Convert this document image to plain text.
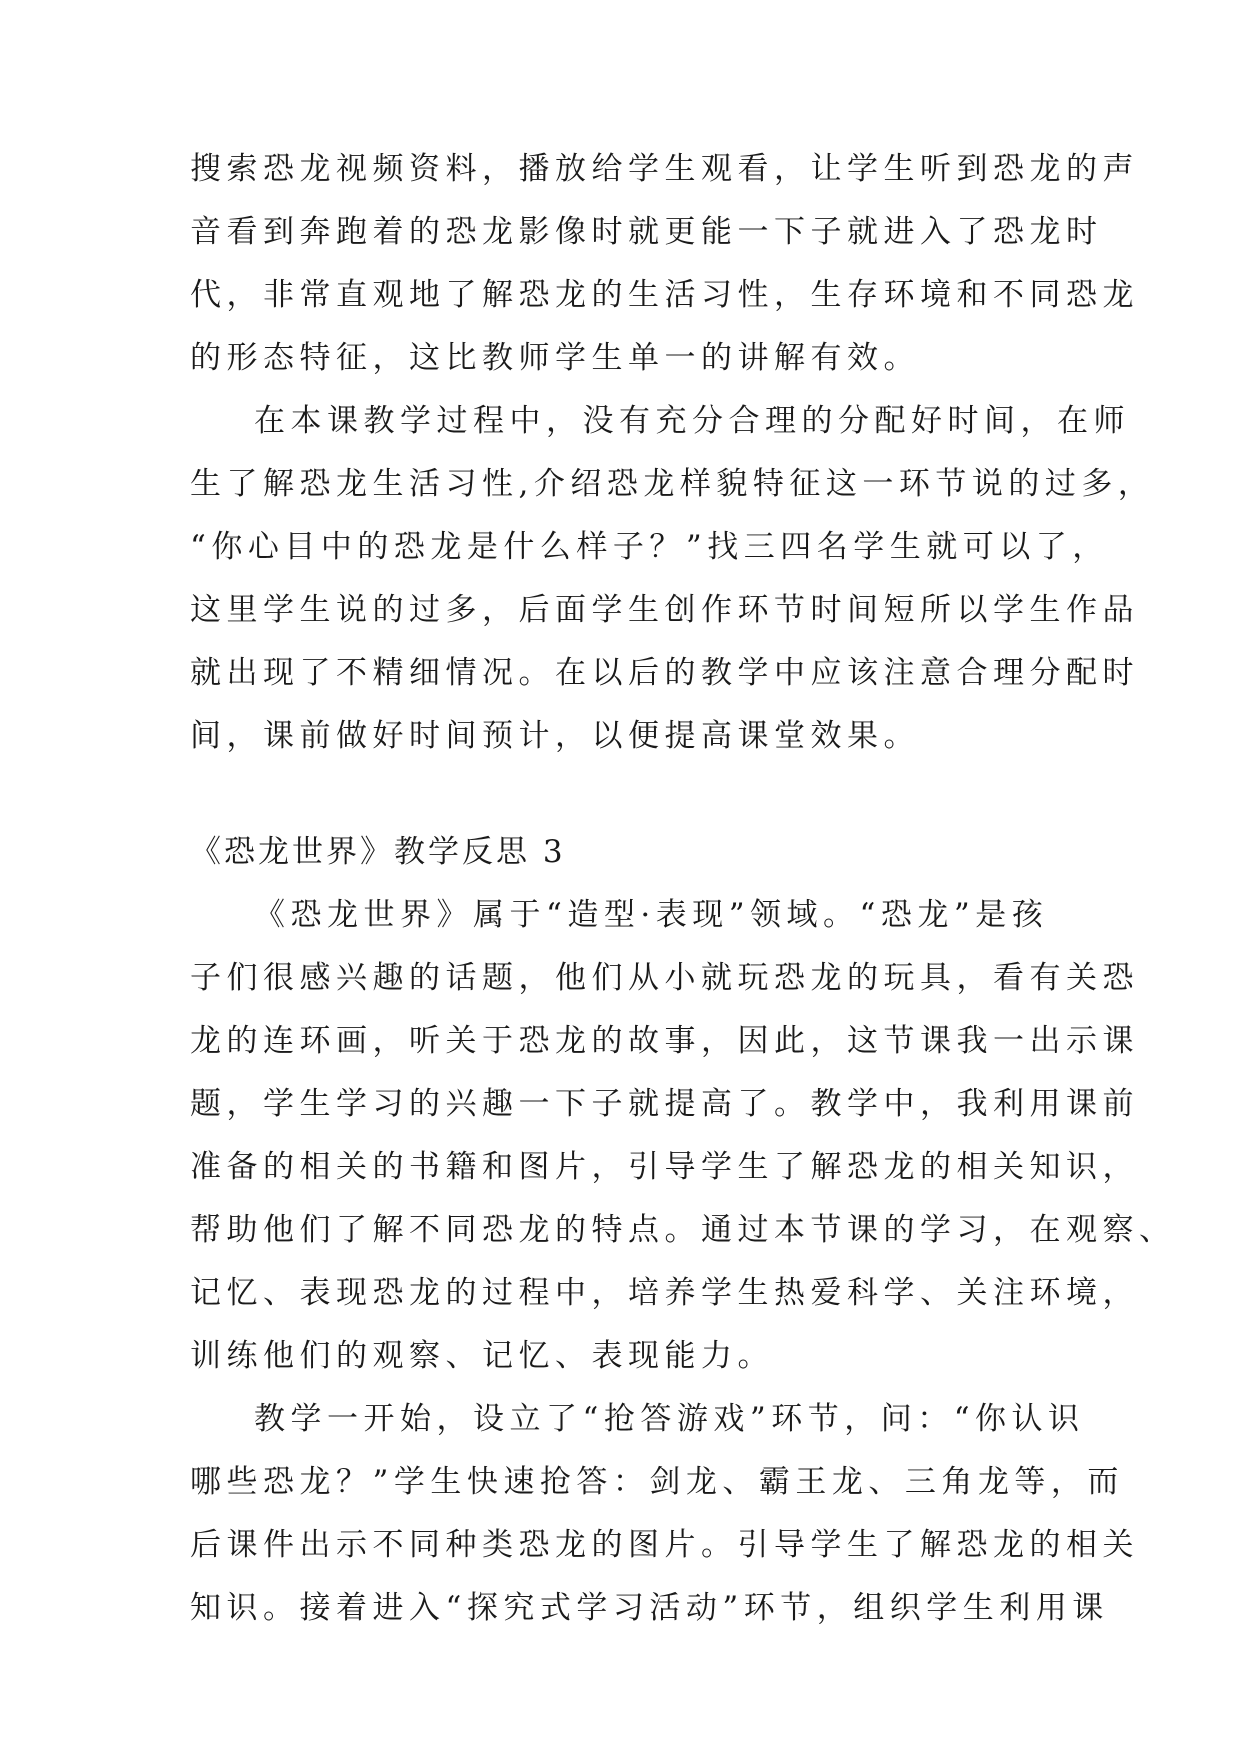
搜索恐龙视频资料，播放给学生观看，让学生听到恐龙的声
音看到奔跑着的恐龙影像时就更能一下子就进入了恐龙时
代，非常直观地了解恐龙的生活习性，生存环境和不同恐龙
的形态特征，这比教师学生单一的讲解有效。
在本课教学过程中，没有充分合理的分配好时间，在师
生了解恐龙生活习性,介绍恐龙样貌特征这一环节说的过多，
“你心目中的恐龙是什么样子？”找三四名学生就可以了，
这里学生说的过多，后面学生创作环节时间短所以学生作品
就出现了不精细情况。在以后的教学中应该注意合理分配时
间，课前做好时间预计，以便提高课堂效果。
《恐龙世界》教学反思 3
《恐龙世界》属于“造型·表现”领域。“恐龙”是孩
子们很感兴趣的话题，他们从小就玩恐龙的玩具，看有关恐
龙的连环画，听关于恐龙的故事，因此，这节课我一出示课
题，学生学习的兴趣一下子就提高了。教学中，我利用课前
准备的相关的书籍和图片，引导学生了解恐龙的相关知识，
帮助他们了解不同恐龙的特点。通过本节课的学习，在观察、
记忆、表现恐龙的过程中，培养学生热爱科学、关注环境，
训练他们的观察、记忆、表现能力。
教学一开始，设立了“抢答游戏”环节，问：“你认识
哪些恐龙？”学生快速抢答：剑龙、霸王龙、三角龙等，而
后课件出示不同种类恐龙的图片。引导学生了解恐龙的相关
知识。接着进入“探究式学习活动”环节，组织学生利用课
